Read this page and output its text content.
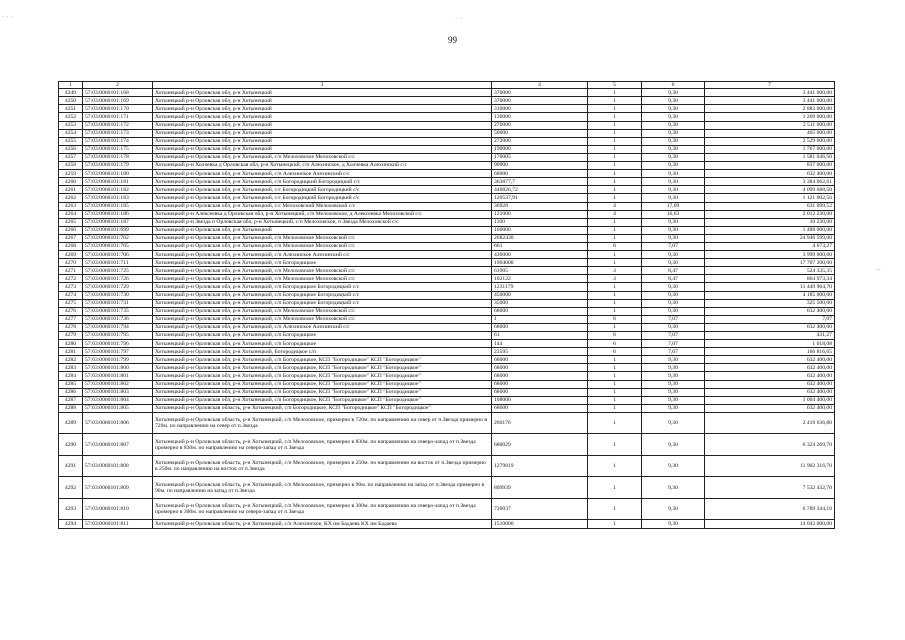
99
. . .	. .
–
1	2	3	4	5	6	7
4249	57:03:0060101:168	Хотынецкий р-н Орловская обл, р-н Хотынецкий	370000	1	9,30	3 441 000,00
4250	57:03:0060101:169	Хотынецкий р-н Орловская обл, р-н Хотынецкий	370000	1	9,30	3 441 000,00
4251	57:03:0060101:170	Хотынецкий р-н Орловская обл, р-н Хотынецкий	310000	1	9,30	2 883 000,00
4252	57:03:0060101:171	Хотынецкий р-н Орловская обл, р-н Хотынецкий	130000	1	9,30	1 209 000,00
4253	57:03:0060101:172	Хотынецкий р-н Орловская обл, р-н Хотынецкий	270000	1	9,30	2 511 000,00
4254	57:03:0060101:173	Хотынецкий р-н Орловская обл, р-н Хотынецкий	50000	1	9,30	465 000,00
4255	57:03:0060101:174	Хотынецкий р-н Орловская обл, р-н Хотынецкий	272000	1	9,30	2 529 600,00
4256	57:03:0060101:175	Хотынецкий р-н Орловская обл, р-н Хотынецкий	190000	1	9,30	1 767 000,00
4257	57:03:0060101:178	Хотынецкий р-н Орловская обл, р-н Хотынецкий, с/п Мелоховское Мелоховской с/с	170005	1	9,30	1 581 046,50
4258	57:03:0060101:179	Хотынецкий р-н Холчевка д Орловская обл, р-н Хотынецкий, с/п Алехинское, д Холчевка Алехинский с/с	90000	1	9,30	837 000,00
4259	57:03:0060101:180	Хотынецкий р-н Орловская обл, р-н Хотынецкий, с/п Алехинское Алехинский с/с	68000	1	9,30	632 400,00
4260	57:03:0060101:181	Хотынецкий р-н Орловская обл, р-н Хотынецкий, с/п Богородицкий Богородицкий с/с	363877,7	1	9,30	3 384 062,61
4261	57:03:0060101:182	Хотынецкий р-н Орловская обл, р-н Хотынецкий, с/с Богородицкий Богородицкий с/с	440826,72	1	9,30	4 099 688,50
4262	57:03:0060101:183	Хотынецкий р-н Орловская обл, р-н Хотынецкий, с/с Богородицкий Богородицкий с/с	120537,91	1	9,30	1 121 002,56
4263	57:03:0060101:185	Хотынецкий р-н Орловская обл, р-н Хотынецкий, с/с Мелоховский Мелоховской с/с	36928	4	17,09	631 099,52
4264	57:03:0060101:186	Хотынецкий р-н Алексеевка д Орловская обл, р-н Хотынецкий, с/п Мелоховское, д Алексеевка Мелоховской с/с	121000	4	16,63	2 012 230,00
4265	57:03:0060101:187	Хотынецкий р-н Звезда п Орловская обл, р-н Хотынецкий, с/п Мелоховское, п Звезда Мелоховской с/с	1100	1	9,30	10 230,00
4266	57:03:0060101:699	Хотынецкий р-н Орловская обл, р-н Хотынецкий	160000	1	9,30	1 488 000,00
4267	57:03:0060101:702	Хотынецкий р-н Орловская обл, р-н Хотынецкий, с/п Мелоховское Мелоховской с/с	2682430	1	9,30	24 946 599,00
4268	57:03:0060101:705	Хотынецкий р-н Орловская обл, р-н Хотынецкий, с/п Мелоховское Мелоховской с/с	661	6	7,07	4 673,27
4269	57:03:0060101:706	Хотынецкий р-н Орловская обл, р-н Хотынецкий, с/п Алехинское Алехинский с/с	430000	1	9,30	3 999 000,00
4270	57:03:0060101:711	Хотынецкий р-н Орловская обл, р-н Хотынецкий, с/п Богородицкое	1904000	1	9,30	17 707 200,00
4271	57:03:0060101:725	Хотынецкий р-н Орловская обл, р-н Хотынецкий, с/п Мелоховское Мелоховской с/с	61905	3	8,47	524 335,35
4272	57:03:0060101:726	Хотынецкий р-н Орловская обл, р-н Хотынецкий, с/п Мелоховское Мелоховской с/с	102122	3	8,47	864 973,34
4273	57:03:0060101:729	Хотынецкий р-н Орловская обл, р-н Хотынецкий, с/п Богородицкое Богородицкий с/с	1231179	1	9,30	11 449 964,70
4274	57:03:0060101:730	Хотынецкий р-н Орловская обл, р-н Хотынецкий, с/п Богородицкое Богородицкий с/с	450000	1	9,30	4 185 000,00
4275	57:03:0060101:731	Хотынецкий р-н Орловская обл, р-н Хотынецкий, с/п Богородицкое Богородицкий с/с	35000	1	9,30	325 500,00
4276	57:03:0060101:735	Хотынецкий р-н Орловская обл, р-н Хотынецкий, с/п Мелоховское Мелоховской с/с	68000	1	9,30	632 400,00
4277	57:03:0060101:736	Хотынецкий р-н Орловская обл, р-н Хотынецкий, с/п Мелоховское Мелоховской с/с	1	6	7,07	7,07
4278	57:03:0060101:794	Хотынецкий р-н Орловская обл, р-н Хотынецкий, с/п Алехинское Алехинский с/с	68000	1	9,30	632 400,00
4279	57:03:0060101:795	Хотынецкий р-н Орловская обл, р-н Хотынецкий, с/п Богородицкое	61	6	7,07	431,27
4280	57:03:0060101:796	Хотынецкий р-н Орловская обл, р-н Хотынецкий, с/п Богородицкое	144	6	7,07	1 018,08
4281	57:03:0060101:797	Хотынецкий р-н Орловская обл, р-н Хотынецкий, Богородицкое с/п	23595	6	7,07	166 816,65
4282	57:03:0060101:799	Хотынецкий р-н Орловская обл, р-н Хотынецкий, с/п Богородицкое, КСП "Богородицкое" КСП "Богородицкое"	68000	1	9,30	632 400,00
4283	57:03:0060101:800	Хотынецкий р-н Орловская обл, р-н Хотынецкий, с/п Богородицкое, КСП "Богородицкое" КСП "Богородицкое"	68000	1	9,30	632 400,00
4284	57:03:0060101:801	Хотынецкий р-н Орловская обл, р-н Хотынецкий, с/п Богородицкое, КСП "Богородицкое" КСП "Богородицкое"	68000	1	9,30	632 400,00
4285	57:03:0060101:802	Хотынецкий р-н Орловская обл, р-н Хотынецкий, с/п Богородицкое, КСП "Богородицкое" КСП "Богородицкое"	68000	1	9,30	632 400,00
4286	57:03:0060101:803	Хотынецкий р-н Орловская обл, р-н Хотынецкий, с/п Богородицкое, КСП "Богородицкое" КСП "Богородицкое"	68000	1	9,30	632 400,00
4287	57:03:0060101:804	Хотынецкий р-н Орловская обл, р-н Хотынецкий, с/п Богородицкое, КСП "Богородицкое" КСП "Богородицкое"	108000	1	9,30	1 004 400,00
4288	57:03:0060101:805	Хотынецкий р-н Орловская область, р-н Хотынецкий, с/п Богородицкое, КСП "Богородицкое" КСП "Богородицкое"	68000	1	9,30	632 400,00
4289	57:03:0060101:806	Хотынецкий р-н Орловская область, р-н Хотынецкий, с/п Мелоховское, примерно в 720м. по направлению на север от п.Звезда примерно в 720м. по направлению на север от п.Звезда	260176	1	9,30	2 419 636,80
4290	57:03:0060101:807	Хотынецкий р-н Орловская область, р-н Хотынецкий, с/п Мелоховское, примерно в 830м. по направлению на северо-запад от п.Звезда примерно в 830м. по направлению на северо-запад от п.Звезда	680029	1	9,30	6 324 269,70
4291	57:03:0060101:808	Хотынецкий р-н Орловская область, р-н Хотынецкий, с/п Мелоховское, примерно в 250м. по направлению на восток от п.Звезда примерно в 250м. по направлению на восток от п.Звезда	1279819	1	9,30	11 902 316,70
4292	57:03:0060101:809	Хотынецкий р-н Орловская область, р-н Хотынецкий, с/п Мелоховское, примерно в 90м. по направлению на запад от п.Звезда примерно в 90м. по направлению на запад от п.Звезда	809939	1	9,30	7 532 432,70
4293	57:03:0060101:810	Хотынецкий р-н Орловская область, р-н Хотынецкий, с/п Мелоховское, примерно в 300м. по направлению на северо-запад от п.Звезда примерно в 300м. по направлению на северо-запад от п.Звезда	730037	1	9,30	6 789 344,10
4294	57:03:0060101:811	Хотынецкий р-н Орловская область, р-н Хотынецкий, с/п Алехинское, КХ им Бадаева КХ им Бадаева	1510000	1	9,30	14 043 000,00
